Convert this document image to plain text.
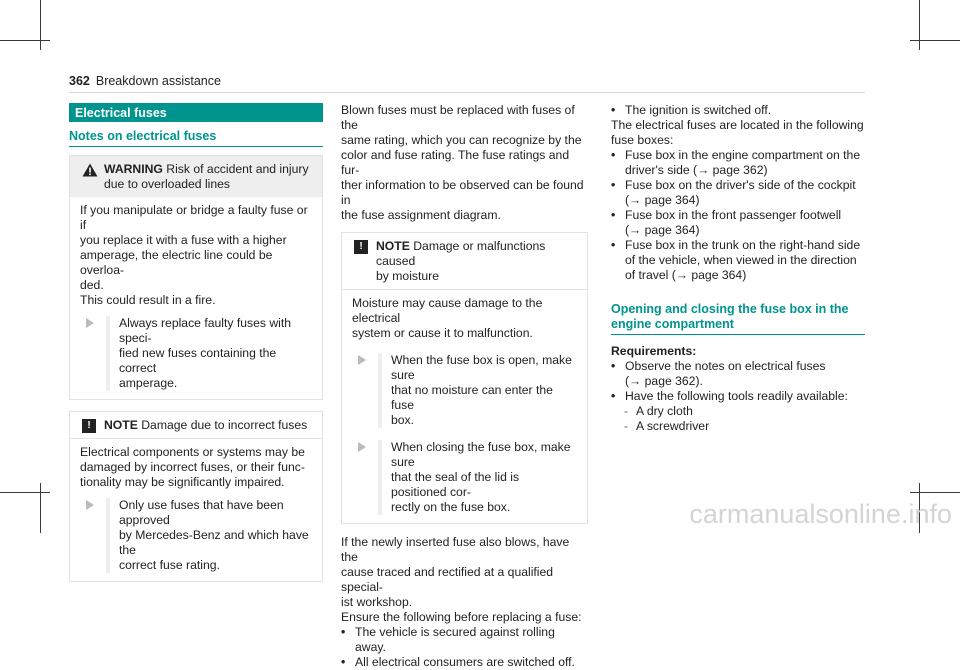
362 Breakdown assistance
Electrical fuses
Notes on electrical fuses

WARNING Risk of accident and injury

due to overloaded lines

If you manipulate or bridge a faulty fuse or if

you replace it with a fuse with a higher

amperage, the electric line could be overloa-

ded.

This could result in a fire.

Always replace faulty fuses with speci-

fied new fuses containing the correct

amperage.

!	NOTE Damage due to incorrect fuses

Electrical components or systems may be

damaged by incorrect fuses, or their func-

tionality may be significantly impaired.

Only use fuses that have been approved

by Mercedes-Benz and which have the

correct fuse rating.

Blown fuses must be replaced with fuses of the

same rating, which you can recognize by the

color and fuse rating. The fuse ratings and fur-

ther information to be observed can be found in

the fuse assignment diagram.

!	NOTE Damage or malfunctions caused

by moisture

Moisture may cause damage to the electrical

system or cause it to malfunction.

When the fuse box is open, make sure

that no moisture can enter the fuse

box.

When closing the fuse box, make sure

that the seal of the lid is positioned cor-

rectly on the fuse box.

If the newly inserted fuse also blows, have the

cause traced and rectified at a qualified special-

ist workshop.

Ensure the following before replacing a fuse:

• The vehicle is secured against rolling away.
• All electrical consumers are switched off.
• The ignition is switched off.

The electrical fuses are located in the following

fuse boxes:

• Fuse box in the engine compartment on the

driver's side (→ page 362)

• Fuse box on the driver's side of the cockpit

(→ page 364)

• Fuse box in the front passenger footwell

(→ page 364)

• Fuse box in the trunk on the right-hand side

of the vehicle, when viewed in the direction

of travel (→ page 364)

Opening and closing the fuse box in the

engine compartment

Requirements:

• Observe the notes on electrical fuses

(→ page 362).

• Have the following tools readily available:

- A dry cloth
- A screwdriver
carmanualsonline.info
